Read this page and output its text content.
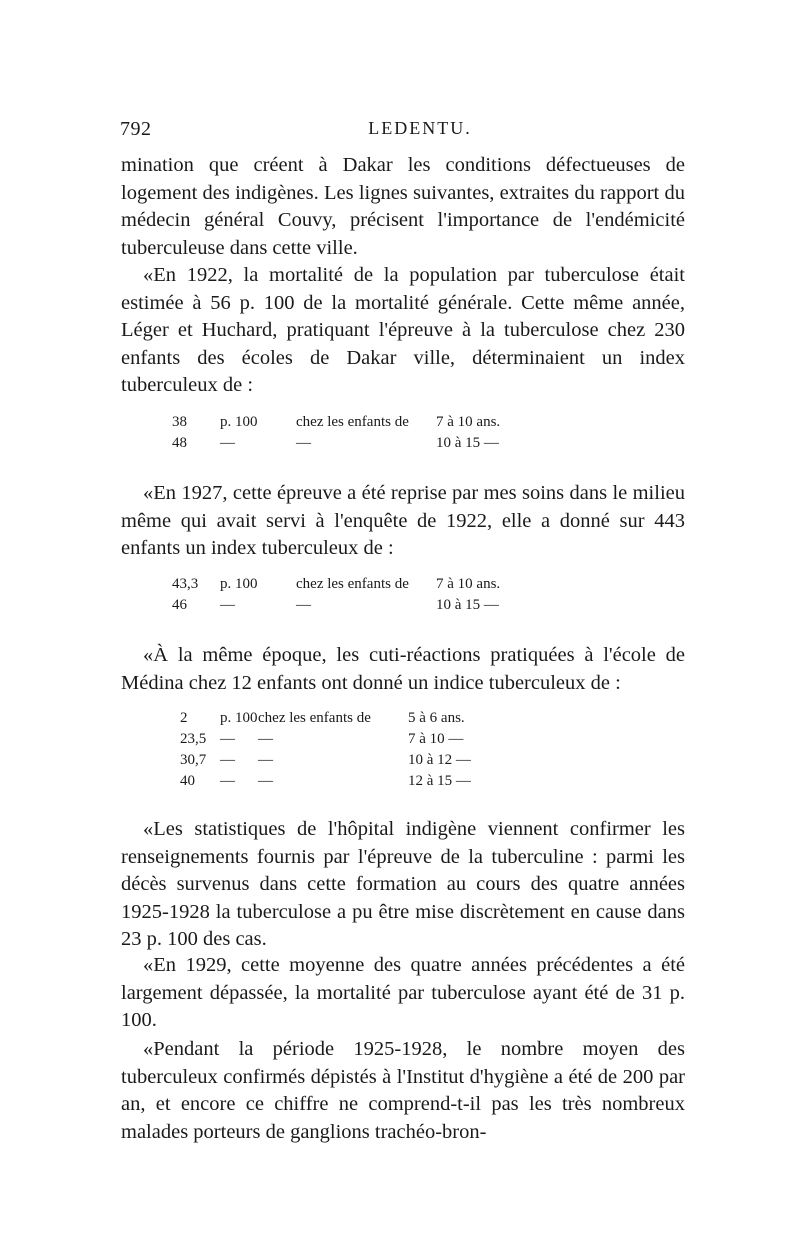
792	LEDENTU.

mination que créent à Dakar les conditions défectueuses de logement des indigènes. Les lignes suivantes, extraites du rapport du médecin général Couvy, précisent l'importance de l'endémicité tuberculeuse dans cette ville.

«En 1922, la mortalité de la population par tuberculose était estimée à 56 p. 100 de la mortalité générale. Cette même année, Léger et Huchard, pratiquant l'épreuve à la tuberculose chez 230 enfants des écoles de Dakar ville, déterminaient un index tuberculeux de :

38	p. 100	chez les enfants de	7 à 10 ans.
48	—	—	10 à 15 —

«En 1927, cette épreuve a été reprise par mes soins dans le milieu même qui avait servi à l'enquête de 1922, elle a donné sur 443 enfants un index tuberculeux de :

43,3	p. 100	chez les enfants de	7 à 10 ans.
46	—	—	10 à 15 —

«À la même époque, les cuti-réactions pratiquées à l'école de Médina chez 12 enfants ont donné un indice tuberculeux de :

2	p. 100	chez les enfants de	5 à 6 ans.
23,5	—	—	7 à 10 —
30,7	—	—	10 à 12 —
40	—	—	12 à 15 —

«Les statistiques de l'hôpital indigène viennent confirmer les renseignements fournis par l'épreuve de la tuberculine : parmi les décès survenus dans cette formation au cours des quatre années 1925-1928 la tuberculose a pu être mise discrètement en cause dans 23 p. 100 des cas.

«En 1929, cette moyenne des quatre années précédentes a été largement dépassée, la mortalité par tuberculose ayant été de 31 p. 100.

«Pendant la période 1925-1928, le nombre moyen des tuberculeux confirmés dépistés à l'Institut d'hygiène a été de 200 par an, et encore ce chiffre ne comprend-t-il pas les très nombreux malades porteurs de ganglions trachéo-bron-
